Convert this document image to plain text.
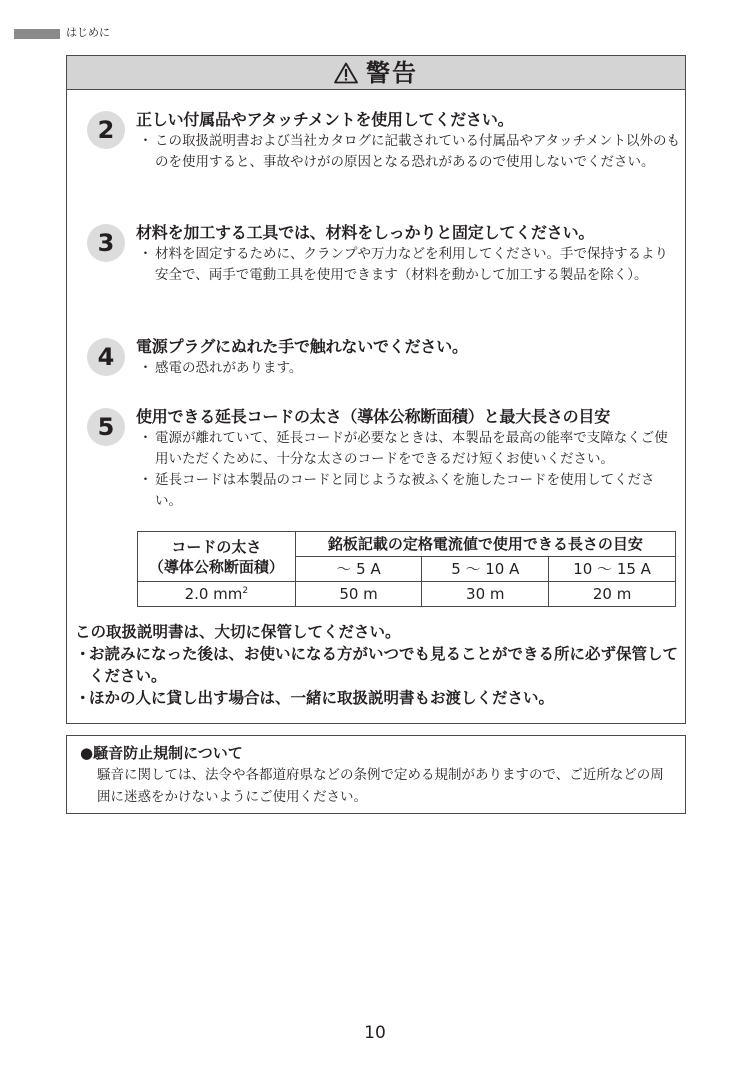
はじめに
警告
2	正しい付属品やアタッチメントを使用してください。
・ この取扱説明書および当社カタログに記載されている付属品やアタッチメント以外のものを使用すると、事故やけがの原因となる恐れがあるので使用しないでください。
3	材料を加工する工具では、材料をしっかりと固定してください。
・ 材料を固定するために、クランプや万力などを利用してください。手で保持するより安全で、両手で電動工具を使用できます（材料を動かして加工する製品を除く）。
4	電源プラグにぬれた手で触れないでください。
・ 感電の恐れがあります。
5	使用できる延長コードの太さ（導体公称断面積）と最大長さの目安
・ 電源が離れていて、延長コードが必要なときは、本製品を最高の能率で支障なくご使用いただくために、十分な太さのコードをできるだけ短くお使いください。
・ 延長コードは本製品のコードと同じような被ふくを施したコードを使用してください。
この取扱説明書は、大切に保管してください。
・
お読みになった後は、お使いになる方がいつでも見ることができる所に必ず保管してください。
・
ほかの人に貸し出す場合は、一緒に取扱説明書もお渡しください。
コードの太さ
（導体公称断面積）	銘板記載の定格電流値で使用できる長さの目安		
	～ 5 A	5 ～ 10 A	10 ～ 15 A
2.0 $mm^2$	50 m	30 m	20 m
●騒音防止規制について
騒音に関しては、法令や各都道府県などの条例で定める規制がありますので、ご近所などの周囲に迷惑をかけないようにご使用ください。
10
